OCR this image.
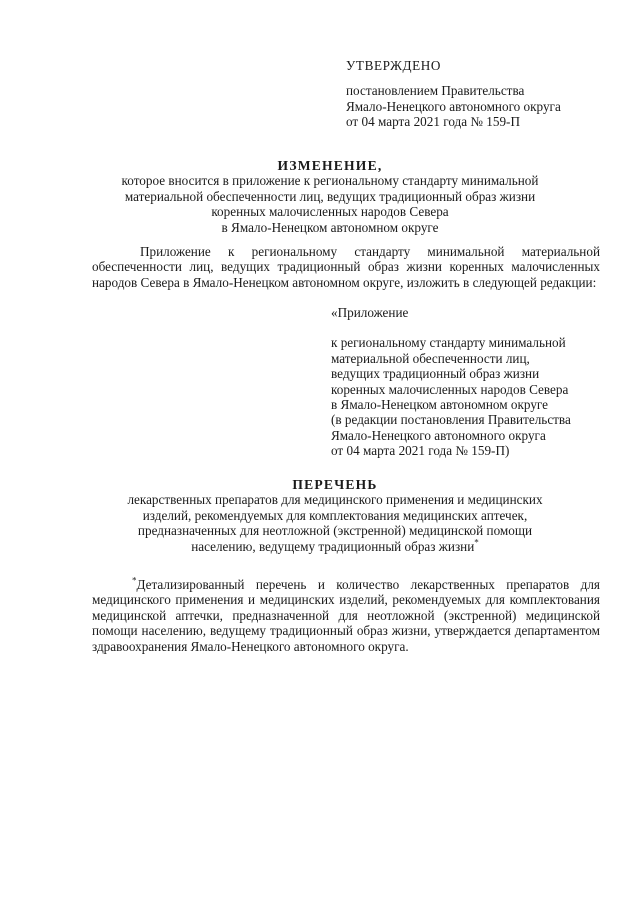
УТВЕРЖДЕНО
постановлением Правительства
Ямало-Ненецкого автономного округа
от 04 марта 2021 года № 159-П
ИЗМЕНЕНИЕ,
которое вносится в приложение к региональному стандарту минимальной
материальной обеспеченности лиц, ведущих традиционный образ жизни
коренных малочисленных народов Севера
в Ямало-Ненецком автономном округе

Приложение к региональному стандарту минимальной материальной обеспеченности лиц, ведущих традиционный образ жизни коренных малочисленных народов Севера в Ямало-Ненецком автономном округе, изложить в следующей редакции:

«Приложение
к региональному стандарту минимальной
материальной обеспеченности лиц,
ведущих традиционный образ жизни
коренных малочисленных народов Севера
в Ямало-Ненецком автономном округе
(в редакции постановления Правительства
Ямало-Ненецкого автономного округа
от 04 марта 2021 года № 159-П)
ПЕРЕЧЕНЬ
лекарственных препаратов для медицинского применения и медицинских
изделий, рекомендуемых для комплектования медицинских аптечек,
предназначенных для неотложной (экстренной) медицинской помощи
населению, ведущему традиционный образ жизни*

*Детализированный перечень и количество лекарственных препаратов для медицинского применения и медицинских изделий, рекомендуемых для комплектования медицинской аптечки, предназначенной для неотложной (экстренной) медицинской помощи населению, ведущему традиционный образ жизни, утверждается департаментом здравоохранения Ямало-Ненецкого автономного округа.
